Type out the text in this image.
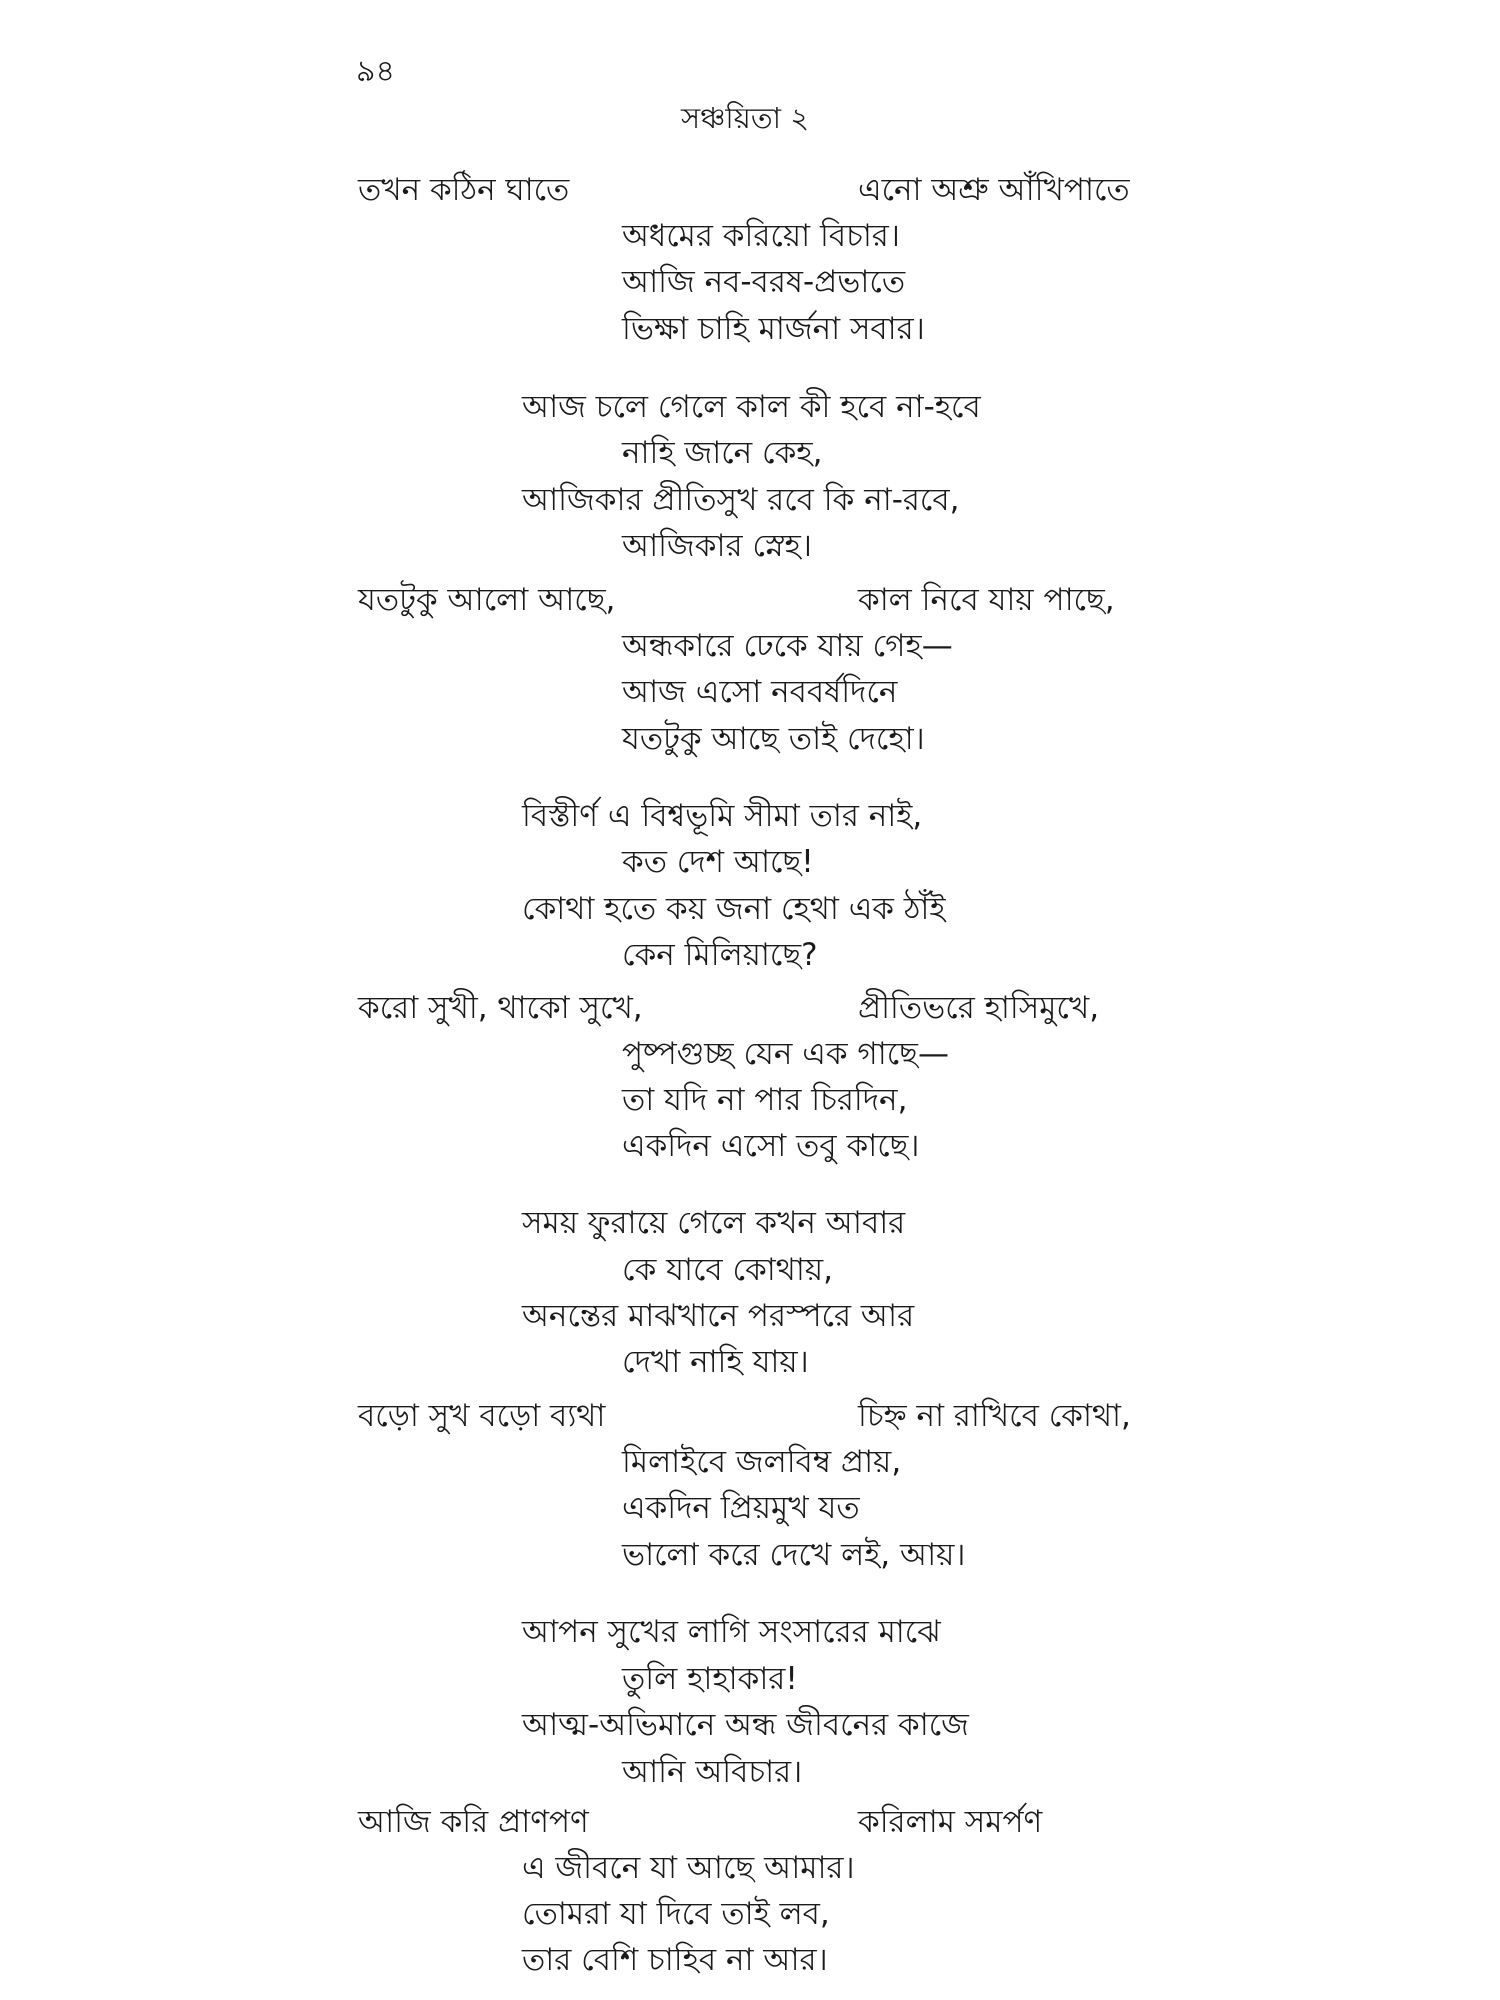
৯৪
সঞ্চয়িতা ২
তখন কঠিন ঘাতে	এনো অশ্রু আঁখিপাতে
অধমের করিয়ো বিচার।
আজি নব-বরষ-প্রভাতে
ভিক্ষা চাহি মার্জনা সবার।
আজ চলে গেলে কাল কী হবে না-হবে
নাহি জানে কেহ,
আজিকার প্রীতিসুখ রবে কি না-রবে,
আজিকার স্নেহ।
যতটুকু আলো আছে,	কাল নিবে যায় পাছে,
অন্ধকারে ঢেকে যায় গেহ—
আজ এসো নববর্ষদিনে
যতটুকু আছে তাই দেহো।
বিস্তীর্ণ এ বিশ্বভূমি সীমা তার নাই,
কত দেশ আছে!
কোথা হতে কয় জনা হেথা এক ঠাঁই
কেন মিলিয়াছে?
করো সুখী, থাকো সুখে,	প্রীতিভরে হাসিমুখে,
পুষ্পগুচ্ছ যেন এক গাছে—
তা যদি না পার চিরদিন,
একদিন এসো তবু কাছে।
সময় ফুরায়ে গেলে কখন আবার
কে যাবে কোথায়,
অনন্তের মাঝখানে পরস্পরে আর
দেখা নাহি যায়।
বড়ো সুখ বড়ো ব্যথা	চিহ্ন না রাখিবে কোথা,
মিলাইবে জলবিম্ব প্রায়,
একদিন প্রিয়মুখ যত
ভালো করে দেখে লই, আয়।
আপন সুখের লাগি সংসারের মাঝে
তুলি হাহাকার!
আত্ম-অভিমানে অন্ধ জীবনের কাজে
আনি অবিচার।
আজি করি প্রাণপণ	করিলাম সমর্পণ
এ জীবনে যা আছে আমার।
তোমরা যা দিবে তাই লব,
তার বেশি চাহিব না আর।
